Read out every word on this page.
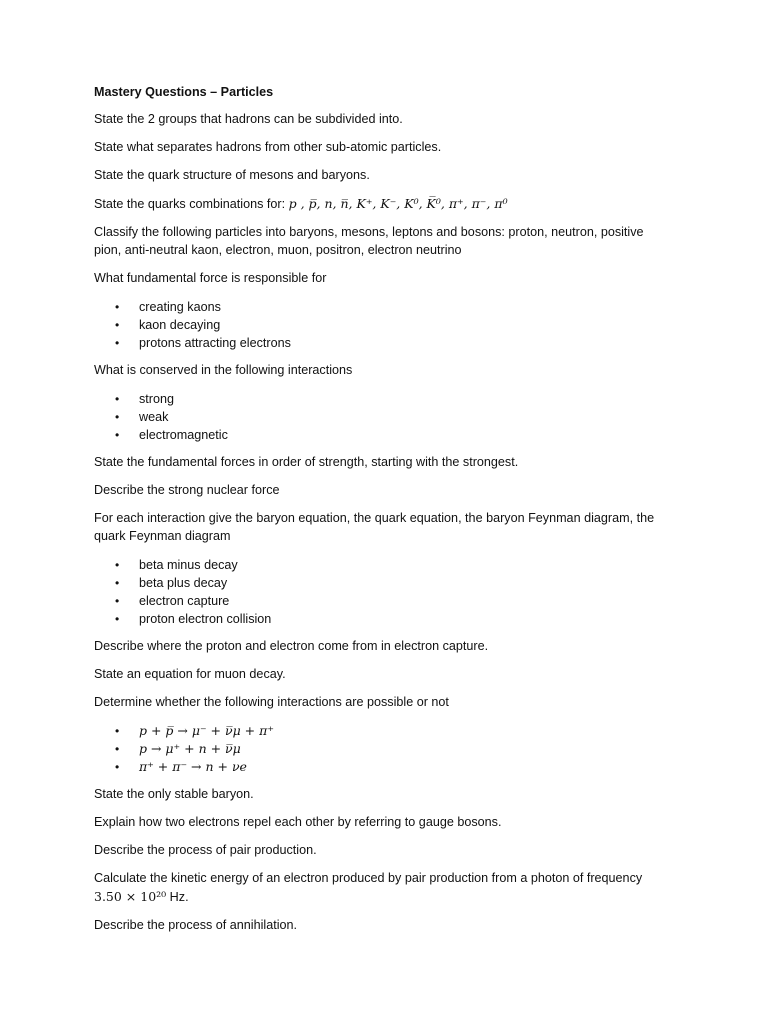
Mastery Questions – Particles

State the 2 groups that hadrons can be subdivided into.

State what separates hadrons from other sub-atomic particles.

State the quark structure of mesons and baryons.

State the quarks combinations for: p , p̅, n, n̅, K⁺, K⁻, K⁰, K̅⁰, π⁺, π⁻, π⁰

Classify the following particles into baryons, mesons, leptons and bosons: proton, neutron, positive pion, anti-neutral kaon, electron, muon, positron, electron neutrino

What fundamental force is responsible for

• creating kaons
• kaon decaying
• protons attracting electrons

What is conserved in the following interactions

• strong
• weak
• electromagnetic

State the fundamental forces in order of strength, starting with the strongest.

Describe the strong nuclear force

For each interaction give the baryon equation, the quark equation, the baryon Feynman diagram, the quark Feynman diagram

• beta minus decay
• beta plus decay
• electron capture
• proton electron collision

Describe where the proton and electron come from in electron capture.

State an equation for muon decay.

Determine whether the following interactions are possible or not

• p + p̅ → μ⁻ + ν̅μ + π⁺
• p → μ⁺ + n + ν̅μ
• π⁺ + π⁻ → n + νe

State the only stable baryon.

Explain how two electrons repel each other by referring to gauge bosons.

Describe the process of pair production.

Calculate the kinetic energy of an electron produced by pair production from a photon of frequency
3.50 × 10²⁰ Hz.

Describe the process of annihilation.
